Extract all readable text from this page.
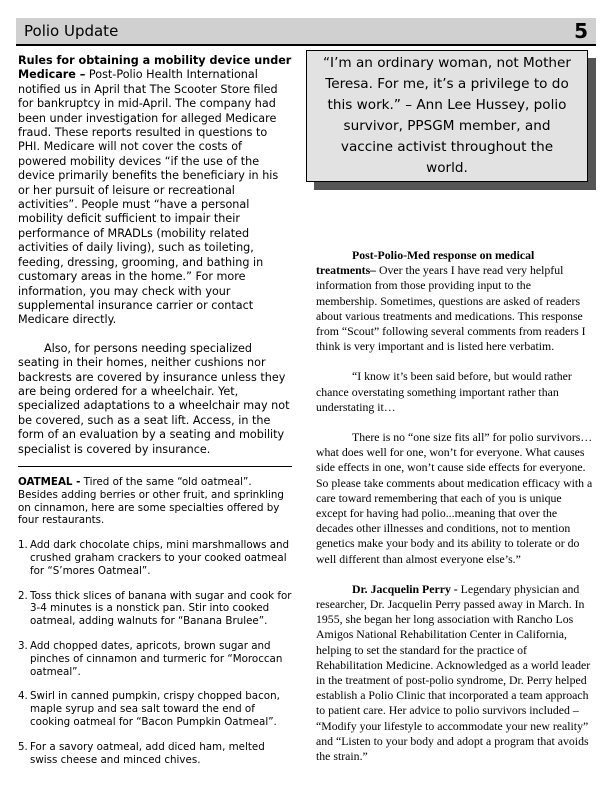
Polio Update	5

Rules for obtaining a mobility device under Medicare – Post-Polio Health International notified us in April that The Scooter Store filed for bankruptcy in mid-April. The company had been under investigation for alleged Medicare fraud. These reports resulted in questions to PHI. Medicare will not cover the costs of powered mobility devices “if the use of the device primarily benefits the beneficiary in his or her pursuit of leisure or recreational activities”. People must “have a personal mobility deficit sufficient to impair their performance of MRADLs (mobility related activities of daily living), such as toileting, feeding, dressing, grooming, and bathing in customary areas in the home.” For more information, you may check with your supplemental insurance carrier or contact Medicare directly.

Also, for persons needing specialized seating in their homes, neither cushions nor backrests are covered by insurance unless they are being ordered for a wheelchair. Yet, specialized adaptations to a wheelchair may not be covered, such as a seat lift. Access, in the form of an evaluation by a seating and mobility specialist is covered by insurance.

OATMEAL - Tired of the same “old oatmeal”. Besides adding berries or other fruit, and sprinkling on cinnamon, here are some specialties offered by four restaurants.

1. Add dark chocolate chips, mini marshmallows and crushed graham crackers to your cooked oatmeal for “S’mores Oatmeal”.
2. Toss thick slices of banana with sugar and cook for 3-4 minutes is a nonstick pan. Stir into cooked oatmeal, adding walnuts for “Banana Brulee”.
3. Add chopped dates, apricots, brown sugar and pinches of cinnamon and turmeric for “Moroccan oatmeal”.
4. Swirl in canned pumpkin, crispy chopped bacon, maple syrup and sea salt toward the end of cooking oatmeal for “Bacon Pumpkin Oatmeal”.
5. For a savory oatmeal, add diced ham, melted swiss cheese and minced chives.
“I’m an ordinary woman, not Mother Teresa. For me, it’s a privilege to do this work.” – Ann Lee Hussey, polio survivor, PPSGM member, and vaccine activist throughout the world.

Post-Polio-Med response on medical treatments– Over the years I have read very helpful information from those providing input to the membership. Sometimes, questions are asked of readers about various treatments and medications. This response from “Scout” following several comments from readers I think is very important and is listed here verbatim.

“I know it’s been said before, but would rather chance overstating something important rather than understating it…

There is no “one size fits all” for polio survivors…what does well for one, won’t for everyone. What causes side effects in one, won’t cause side effects for everyone. So please take comments about medication efficacy with a care toward remembering that each of you is unique except for having had polio...meaning that over the decades other illnesses and conditions, not to mention genetics make your body and its ability to tolerate or do well different than almost everyone else’s.”

Dr. Jacquelin Perry - Legendary physician and researcher, Dr. Jacquelin Perry passed away in March. In 1955, she began her long association with Rancho Los Amigos National Rehabilitation Center in California, helping to set the standard for the practice of Rehabilitation Medicine. Acknowledged as a world leader in the treatment of post-polio syndrome, Dr. Perry helped establish a Polio Clinic that incorporated a team approach to patient care. Her advice to polio survivors included – “Modify your lifestyle to accommodate your new reality” and “Listen to your body and adopt a program that avoids the strain.”
